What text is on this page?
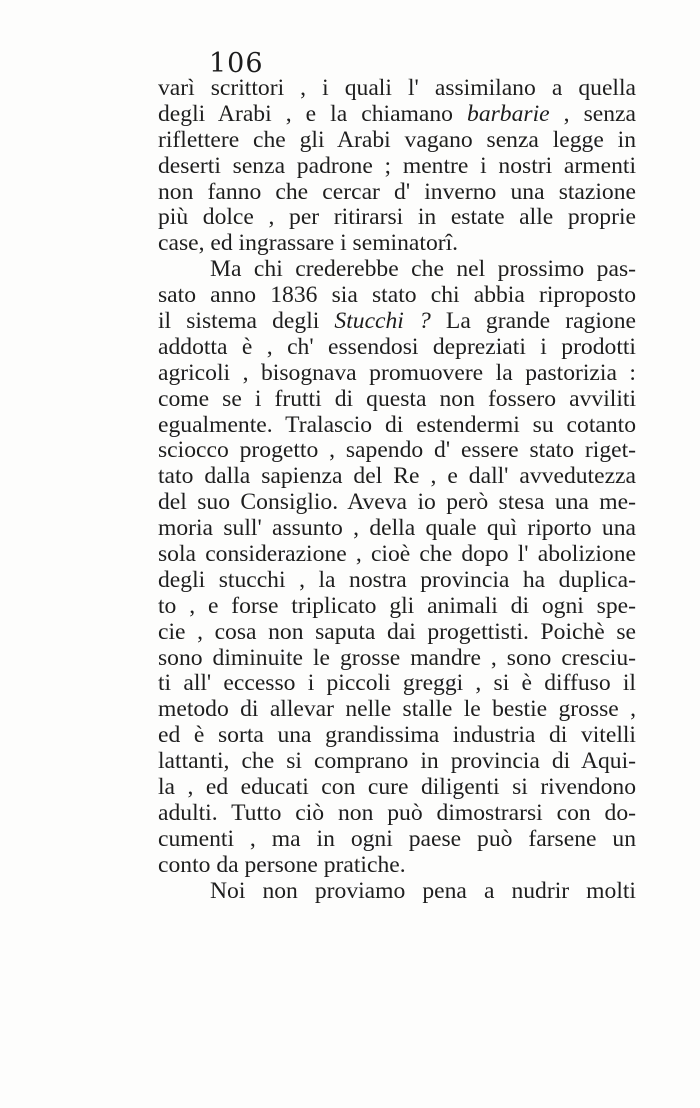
106
varì scrittori , i quali l' assimilano a quella
degli Arabi , e la chiamano barbarie , senza
riflettere che gli Arabi vagano senza legge in
deserti senza padrone ; mentre i nostri armenti
non fanno che cercar d' inverno una stazione
più dolce , per ritirarsi in estate alle proprie
case, ed ingrassare i seminatorî.
Ma chi crederebbe che nel prossimo pas-
sato anno 1836 sia stato chi abbia riproposto
il sistema degli Stucchi ? La grande ragione
addotta è , ch' essendosi depreziati i prodotti
agricoli , bisognava promuovere la pastorizia :
come se i frutti di questa non fossero avviliti
egualmente. Tralascio di estendermi su cotanto
sciocco progetto , sapendo d' essere stato riget-
tato dalla sapienza del Re , e dall' avvedutezza
del suo Consiglio. Aveva io però stesa una me-
moria sull' assunto , della quale quì riporto una
sola considerazione , cioè che dopo l' abolizione
degli stucchi , la nostra provincia ha duplica-
to , e forse triplicato gli animali di ogni spe-
cie , cosa non saputa dai progettisti. Poichè se
sono diminuite le grosse mandre , sono cresciu-
ti all' eccesso i piccoli greggi , si è diffuso il
metodo di allevar nelle stalle le bestie grosse ,
ed è sorta una grandissima industria di vitelli
lattanti, che si comprano in provincia di Aqui-
la , ed educati con cure diligenti si rivendono
adulti. Tutto ciò non può dimostrarsi con do-
cumenti , ma in ogni paese può farsene un
conto da persone pratiche.
Noi non proviamo pena a nudrir molti
